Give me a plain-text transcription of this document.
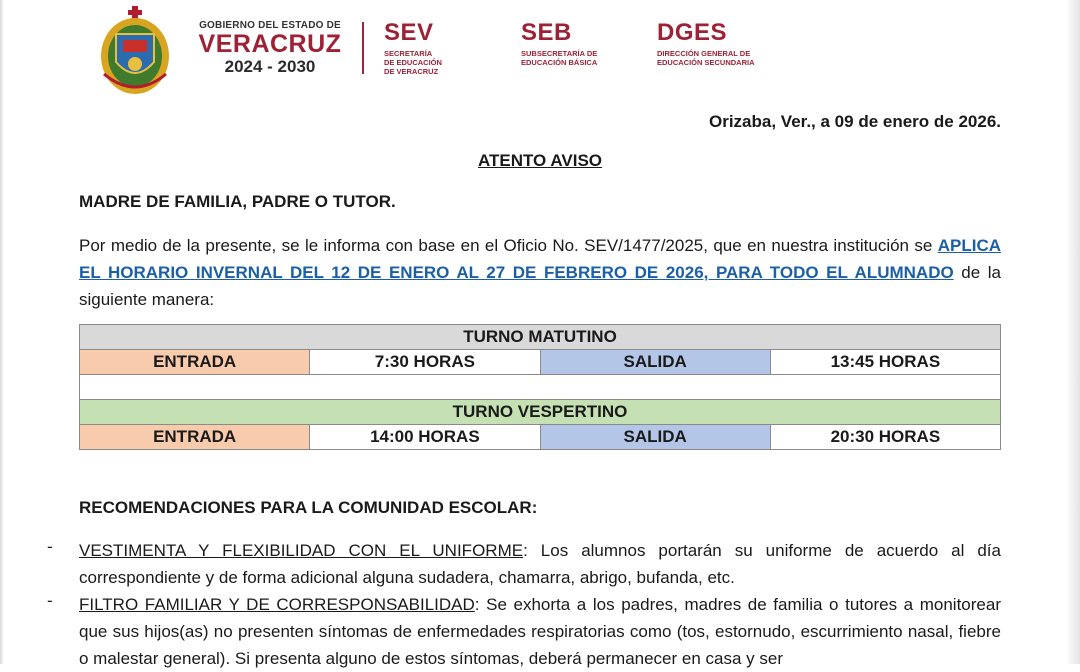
GOBIERNO DEL ESTADO DE
VERACRUZ
2024 - 2030
SEV
SECRETARÍA
DE EDUCACIÓN
DE VERACRUZ
SEB
SUBSECRETARÍA DE
EDUCACIÓN BÁSICA
DGES
DIRECCIÓN GENERAL DE
EDUCACIÓN SECUNDARIA
Orizaba, Ver., a 09 de enero de 2026.
ATENTO AVISO
MADRE DE FAMILIA, PADRE O TUTOR.
Por medio de la presente, se le informa con base en el Oficio No. SEV/1477/2025, que en nuestra institución se APLICA EL HORARIO INVERNAL DEL 12 DE ENERO AL 27 DE FEBRERO DE 2026, PARA TODO EL ALUMNADO de la siguiente manera:
TURNO MATUTINO			
ENTRADA	7:30 HORAS	SALIDA	13:45 HORAS

TURNO VESPERTINO			
ENTRADA	14:00 HORAS	SALIDA	20:30 HORAS
RECOMENDACIONES PARA LA COMUNIDAD ESCOLAR:
- VESTIMENTA Y FLEXIBILIDAD CON EL UNIFORME: Los alumnos portarán su uniforme de acuerdo al día correspondiente y de forma adicional alguna sudadera, chamarra, abrigo, bufanda, etc.
- FILTRO FAMILIAR Y DE CORRESPONSABILIDAD: Se exhorta a los padres, madres de familia o tutores a monitorear que sus hijos(as) no presenten síntomas de enfermedades respiratorias como (tos, estornudo, escurrimiento nasal, fiebre o malestar general). Si presenta alguno de estos síntomas, deberá permanecer en casa y ser
